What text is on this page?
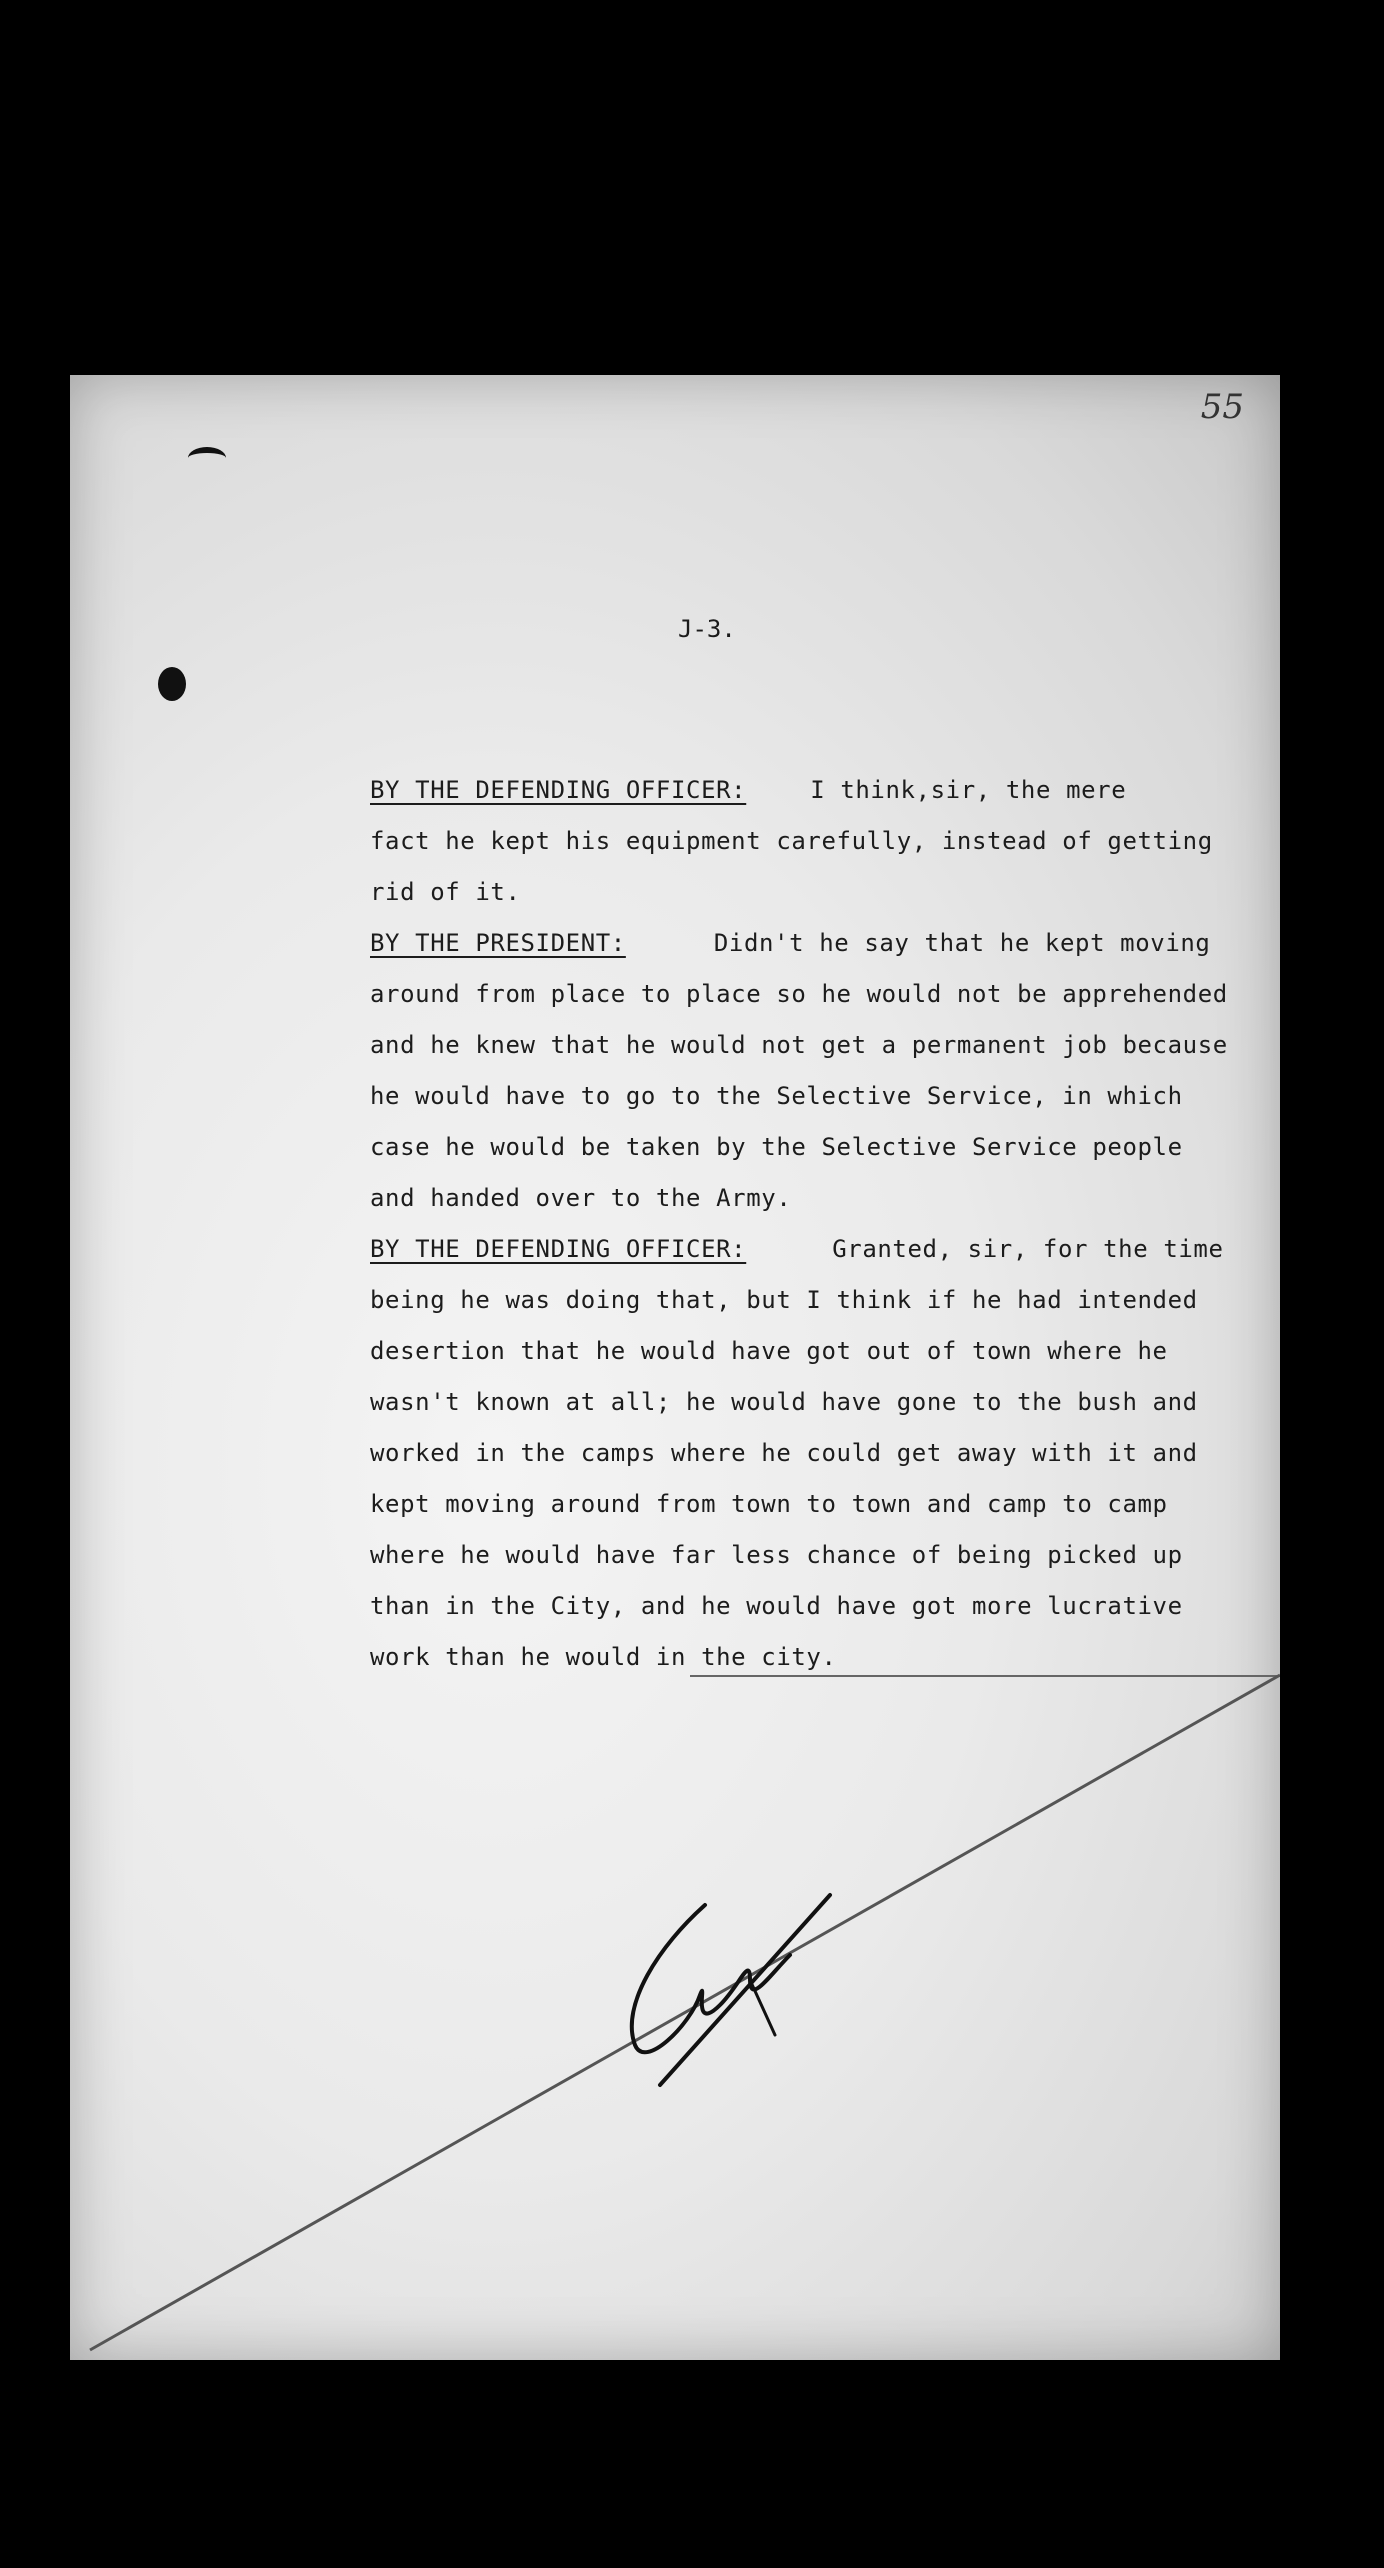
55
J-3.
BY THE DEFENDING OFFICER:	I think,sir, the mere
fact he kept his equipment carefully, instead of getting
rid of it.
BY THE PRESIDENT:	Didn't he say that he kept moving
around from place to place so he would not be apprehended
and he knew that he would not get a permanent job because
he would have to go to the Selective Service, in which
case he would be taken by the Selective Service people
and handed over to the Army.
BY THE DEFENDING OFFICER:	Granted, sir, for the time
being he was doing that, but I think if he had intended
desertion that he would have got out of town where he
wasn't known at all; he would have gone to the bush and
worked in the camps where he could get away with it and
kept moving around from town to town and camp to camp
where he would have far less chance of being picked up
than in the City, and he would have got more lucrative
work than he would in the city.
